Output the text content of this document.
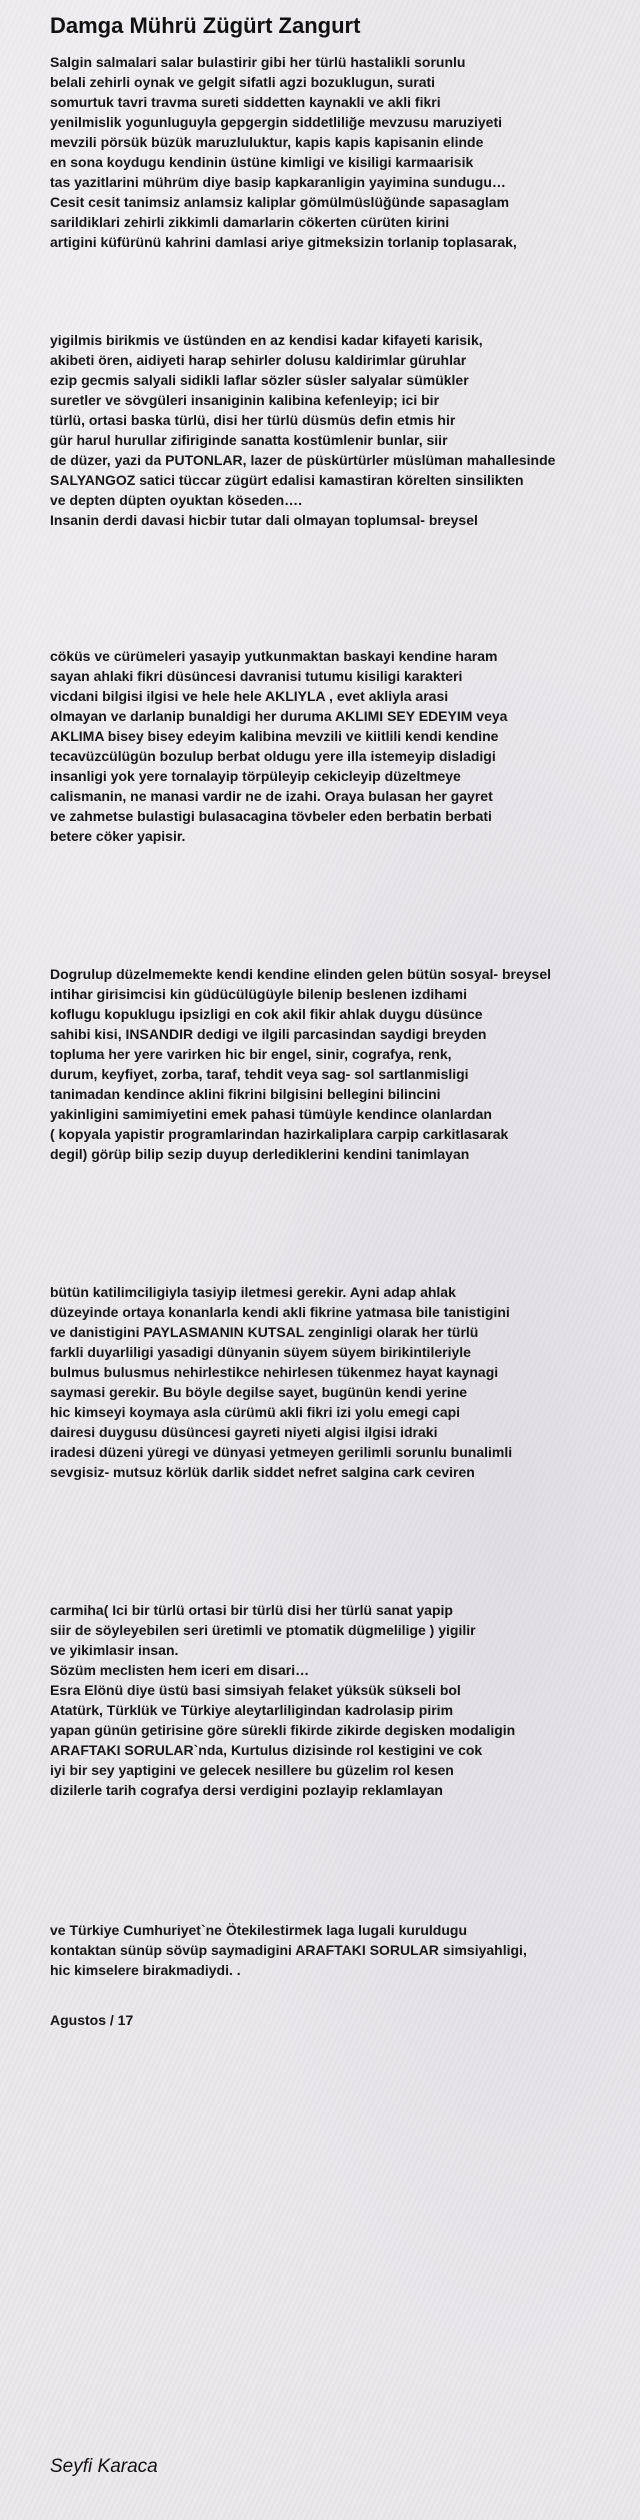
Damga Mührü Zügürt Zangurt
Salgin salmalari salar bulastirir gibi her türlü hastalikli sorunlu
belali zehirli oynak ve gelgit sifatli agzi bozuklugun, surati
somurtuk tavri travma sureti siddetten kaynakli ve akli fikri
yenilmislik yogunluguyla gepgergin siddetliliğe mevzusu maruziyeti
mevzili pörsük büzük maruzluluktur, kapis kapis kapisanin elinde
en sona koydugu kendinin üstüne kimligi ve kisiligi karmaarisik
tas yazitlarini mührüm diye basip kapkaranligin yayimina sundugu…
Cesit cesit tanimsiz anlamsiz kaliplar gömülmüslüğünde sapasaglam
sarildiklari zehirli zikkimli damarlarin cökerten cürüten kirini
artigini küfürünü kahrini damlasi ariye gitmeksizin torlanip toplasarak,
yigilmis birikmis ve üstünden en az kendisi kadar kifayeti karisik,
akibeti ören, aidiyeti harap sehirler dolusu kaldirimlar güruhlar
ezip gecmis salyali sidikli laflar sözler süsler salyalar sümükler
suretler ve sövgüleri insaniginin kalibina kefenleyip; ici bir
türlü, ortasi baska türlü, disi her türlü düsmüs defin etmis hir
gür harul hurullar zifiriginde sanatta kostümlenir bunlar, siir
de düzer, yazi da PUTONLAR, lazer de püskürtürler müslüman mahallesinde
SALYANGOZ satici tüccar zügürt edalisi kamastiran körelten sinsilikten
ve depten düpten oyuktan köseden….
Insanin derdi davasi hicbir tutar dali olmayan toplumsal- breysel
cöküs ve cürümeleri yasayip yutkunmaktan baskayi kendine haram
sayan ahlaki fikri düsüncesi davranisi tutumu kisiligi karakteri
vicdani bilgisi ilgisi ve hele hele AKLIYLA , evet akliyla arasi
olmayan ve darlanip bunaldigi her duruma AKLIMI SEY EDEYIM veya
AKLIMA bisey bisey edeyim kalibina mevzili ve kiitlili kendi kendine
tecavüzcülügün bozulup berbat oldugu yere illa istemeyip disladigi
insanligi yok yere tornalayip törpüleyip cekicleyip düzeltmeye
calismanin, ne manasi vardir ne de izahi. Oraya bulasan her gayret
ve zahmetse bulastigi bulasacagina tövbeler eden berbatin berbati
betere cöker yapisir.
Dogrulup düzelmemekte kendi kendine elinden gelen bütün sosyal- breysel
intihar girisimcisi kin güdücülügüyle bilenip beslenen izdihami
koflugu kopuklugu ipsizligi en cok akil fikir ahlak duygu düsünce
sahibi kisi, INSANDIR dedigi ve ilgili parcasindan saydigi breyden
topluma her yere varirken hic bir engel, sinir, cografya, renk,
durum, keyfiyet, zorba, taraf, tehdit veya sag- sol sartlanmisligi
tanimadan kendince aklini fikrini bilgisini bellegini bilincini
yakinligini samimiyetini emek pahasi tümüyle kendince olanlardan
( kopyala yapistir programlarindan hazirkaliplara carpip carkitlasarak
degil) görüp bilip sezip duyup derlediklerini kendini tanimlayan
bütün katilimciligiyla tasiyip iletmesi gerekir. Ayni adap ahlak
düzeyinde ortaya konanlarla kendi akli fikrine yatmasa bile tanistigini
ve danistigini PAYLASMANIN KUTSAL zenginligi olarak her türlü
farkli duyarliligi yasadigi dünyanin süyem süyem birikintileriyle
bulmus bulusmus nehirlestikce nehirlesen tükenmez hayat kaynagi
saymasi gerekir. Bu böyle degilse sayet, bugünün kendi yerine
hic kimseyi koymaya asla cürümü akli fikri izi yolu emegi capi
dairesi duygusu düsüncesi gayreti niyeti algisi ilgisi idraki
iradesi düzeni yüregi ve dünyasi yetmeyen gerilimli sorunlu bunalimli
sevgisiz- mutsuz körlük darlik siddet nefret salgina cark ceviren
carmiha( Ici bir türlü ortasi bir türlü disi her türlü sanat yapip
siir de söyleyebilen seri üretimli ve ptomatik dügmelilige ) yigilir
ve yikimlasir insan.
Sözüm meclisten hem iceri em disari…
Esra Elönü diye üstü basi simsiyah felaket yüksük sükseli bol
Atatürk, Türklük ve Türkiye aleytarliligindan kadrolasip pirim
yapan günün getirisine göre sürekli fikirde zikirde degisken modaligin
ARAFTAKI SORULAR`nda, Kurtulus dizisinde rol kestigini ve cok
iyi bir sey yaptigini ve gelecek nesillere bu güzelim rol kesen
dizilerle tarih cografya dersi verdigini pozlayip reklamlayan
ve Türkiye Cumhuriyet`ne Ötekilestirmek laga lugali kuruldugu
kontaktan sünüp sövüp saymadigini ARAFTAKI SORULAR simsiyahligi,
hic kimselere birakmadiydi. .
Agustos / 17
Seyfi Karaca
